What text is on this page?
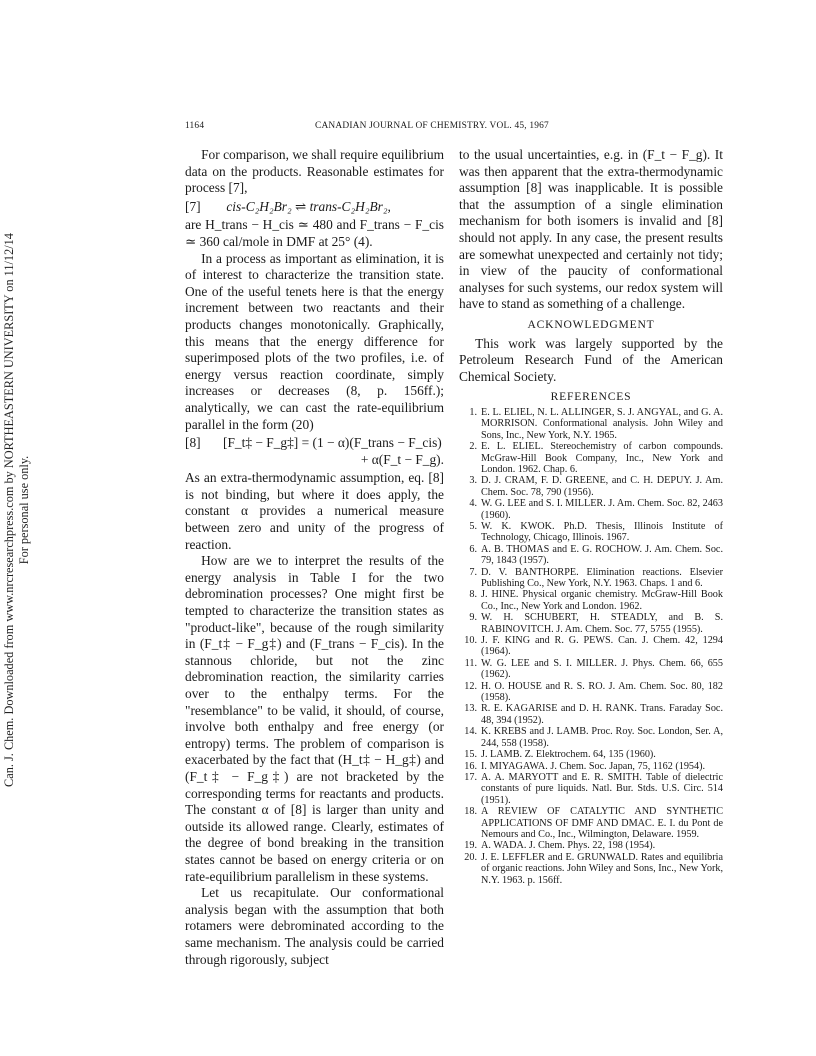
Can. J. Chem. Downloaded from www.nrcresearchpress.com by NORTHEASTERN UNIVERSITY on 11/12/14 For personal use only.
1164	CANADIAN JOURNAL OF CHEMISTRY. VOL. 45, 1967

For comparison, we shall require equilibrium data on the products. Reasonable estimates for process [7],

[7] cis-C₂H₂Br₂ ⇌ trans-C₂H₂Br₂,

are H_trans − H_cis ≃ 480 and F_trans − F_cis ≃ 360 cal/mole in DMF at 25° (4).

In a process as important as elimination, it is of interest to characterize the transition state. One of the useful tenets here is that the energy increment between two reactants and their products changes monotonically. Graphically, this means that the energy difference for superimposed plots of the two profiles, i.e. of energy versus reaction coordinate, simply increases or decreases (8, p. 156ff.); analytically, we can cast the rate-equilibrium parallel in the form (20)

[8] [F_t‡ − F_g‡] = (1 − α)(F_trans − F_cis)
+ α(F_t − F_g).

As an extra-thermodynamic assumption, eq. [8] is not binding, but where it does apply, the constant α provides a numerical measure between zero and unity of the progress of reaction.

How are we to interpret the results of the energy analysis in Table I for the two debromination processes? One might first be tempted to characterize the transition states as "product-like", because of the rough similarity in (F_t‡ − F_g‡) and (F_trans − F_cis). In the stannous chloride, but not the zinc debromination reaction, the similarity carries over to the enthalpy terms. For the "resemblance" to be valid, it should, of course, involve both enthalpy and free energy (or entropy) terms. The problem of comparison is exacerbated by the fact that (H_t‡ − H_g‡) and (F_t‡ − F_g‡) are not bracketed by the corresponding terms for reactants and products. The constant α of [8] is larger than unity and outside its allowed range. Clearly, estimates of the degree of bond breaking in the transition states cannot be based on energy criteria or on rate-equilibrium parallelism in these systems.

Let us recapitulate. Our conformational analysis began with the assumption that both rotamers were debrominated according to the same mechanism. The analysis could be carried through rigorously, subject

to the usual uncertainties, e.g. in (F_t − F_g). It was then apparent that the extra-thermodynamic assumption [8] was inapplicable. It is possible that the assumption of a single elimination mechanism for both isomers is invalid and [8] should not apply. In any case, the present results are somewhat unexpected and certainly not tidy; in view of the paucity of conformational analyses for such systems, our redox system will have to stand as something of a challenge.

ACKNOWLEDGMENT

This work was largely supported by the Petroleum Research Fund of the American Chemical Society.

REFERENCES
1. E. L. ELIEL, N. L. ALLINGER, S. J. ANGYAL, and G. A. MORRISON. Conformational analysis. John Wiley and Sons, Inc., New York, N.Y. 1965.
2. E. L. ELIEL. Stereochemistry of carbon compounds. McGraw-Hill Book Company, Inc., New York and London. 1962. Chap. 6.
3. D. J. CRAM, F. D. GREENE, and C. H. DEPUY. J. Am. Chem. Soc. 78, 790 (1956).
4. W. G. LEE and S. I. MILLER. J. Am. Chem. Soc. 82, 2463 (1960).
5. W. K. KWOK. Ph.D. Thesis, Illinois Institute of Technology, Chicago, Illinois. 1967.
6. A. B. THOMAS and E. G. ROCHOW. J. Am. Chem. Soc. 79, 1843 (1957).
7. D. V. BANTHORPE. Elimination reactions. Elsevier Publishing Co., New York, N.Y. 1963. Chaps. 1 and 6.
8. J. HINE. Physical organic chemistry. McGraw-Hill Book Co., Inc., New York and London. 1962.
9. W. H. SCHUBERT, H. STEADLY, and B. S. RABINOVITCH. J. Am. Chem. Soc. 77, 5755 (1955).
10. J. F. KING and R. G. PEWS. Can. J. Chem. 42, 1294 (1964).
11. W. G. LEE and S. I. MILLER. J. Phys. Chem. 66, 655 (1962).
12. H. O. HOUSE and R. S. RO. J. Am. Chem. Soc. 80, 182 (1958).
13. R. E. KAGARISE and D. H. RANK. Trans. Faraday Soc. 48, 394 (1952).
14. K. KREBS and J. LAMB. Proc. Roy. Soc. London, Ser. A, 244, 558 (1958).
15. J. LAMB. Z. Elektrochem. 64, 135 (1960).
16. I. MIYAGAWA. J. Chem. Soc. Japan, 75, 1162 (1954).
17. A. A. MARYOTT and E. R. SMITH. Table of dielectric constants of pure liquids. Natl. Bur. Stds. U.S. Circ. 514 (1951).
18. A REVIEW OF CATALYTIC AND SYNTHETIC APPLICATIONS OF DMF AND DMAC. E. I. du Pont de Nemours and Co., Inc., Wilmington, Delaware. 1959.
19. A. WADA. J. Chem. Phys. 22, 198 (1954).
20. J. E. LEFFLER and E. GRUNWALD. Rates and equilibria of organic reactions. John Wiley and Sons, Inc., New York, N.Y. 1963. p. 156ff.
